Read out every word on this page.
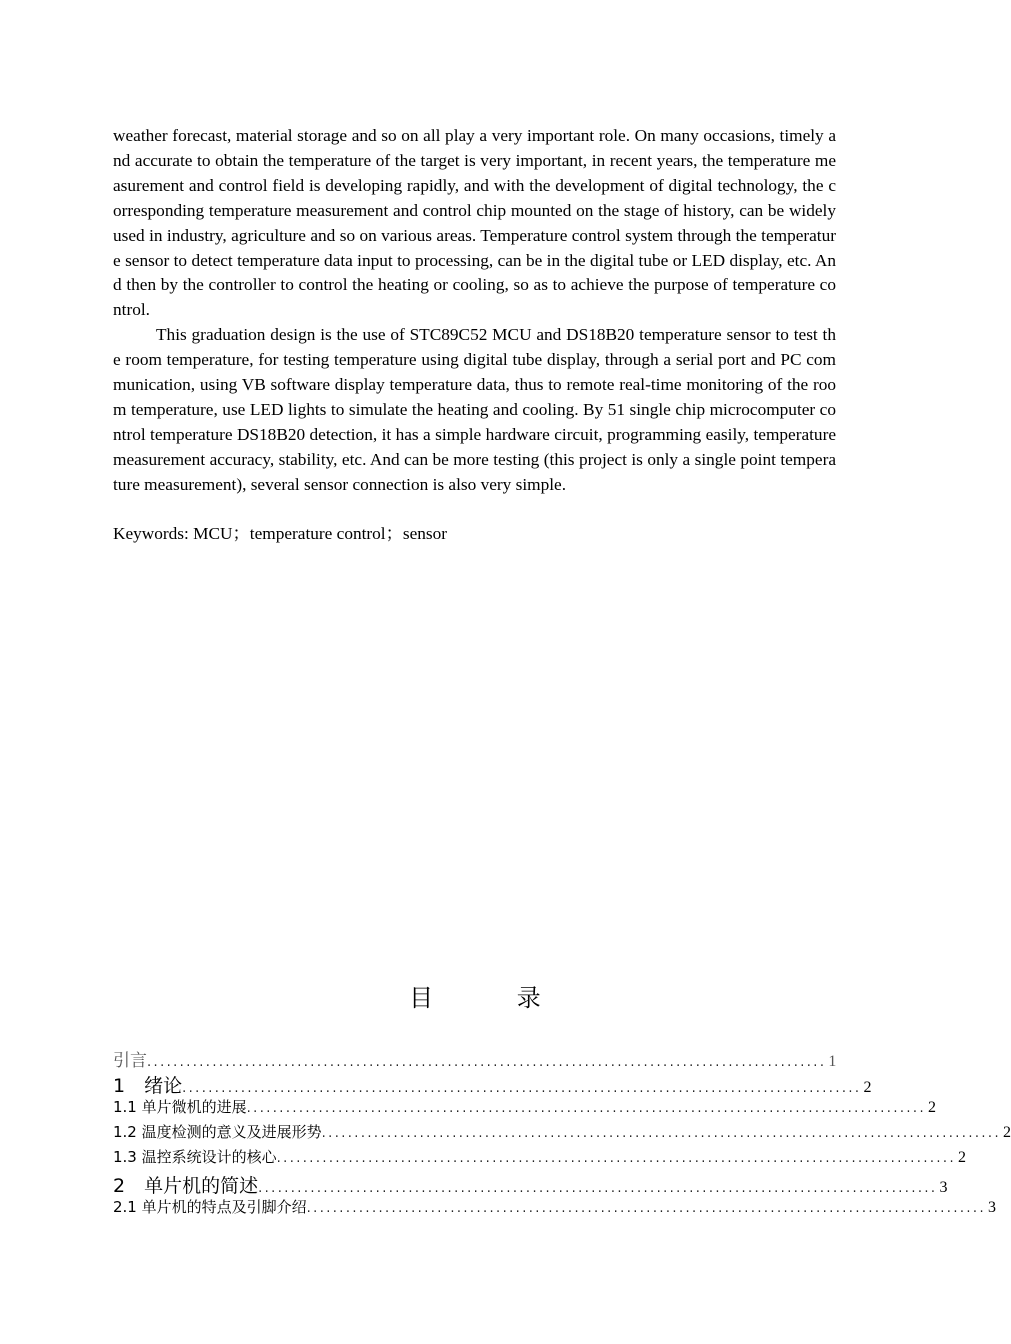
weather forecast, material storage and so on all play a very important role. On many occasions, timely and accurate to obtain the temperature of the target is very important, in recent years, the temperature measurement and control field is developing rapidly, and with the development of digital technology, the corresponding temperature measurement and control chip mounted on the stage of history, can be widely used in industry, agriculture and so on various areas. Temperature control system through the temperature sensor to detect temperature data input to processing, can be in the digital tube or LED display, etc. And then by the controller to control the heating or cooling, so as to achieve the purpose of temperature control.

This graduation design is the use of STC89C52 MCU and DS18B20 temperature sensor to test the room temperature, for testing temperature using digital tube display, through a serial port and PC communication, using VB software display temperature data, thus to remote real-time monitoring of the room temperature, use LED lights to simulate the heating and cooling. By 51 single chip microcomputer control temperature DS18B20 detection, it has a simple hardware circuit, programming easily, temperature measurement accuracy, stability, etc. And can be more testing (this project is only a single point temperature measurement), several sensor connection is also very simple.

Keywords: MCU；temperature control；sensor

目 录
引言 ........................................................................................................ 1
1　绪论 ........................................................................................................ 2
1.1 单片微机的进展 ........................................................................................................ 2
1.2 温度检测的意义及进展形势 ........................................................................................................ 2
1.3 温控系统设计的核心 ........................................................................................................ 2
2　单片机的简述 ........................................................................................................ 3
2.1 单片机的特点及引脚介绍 ........................................................................................................ 3
